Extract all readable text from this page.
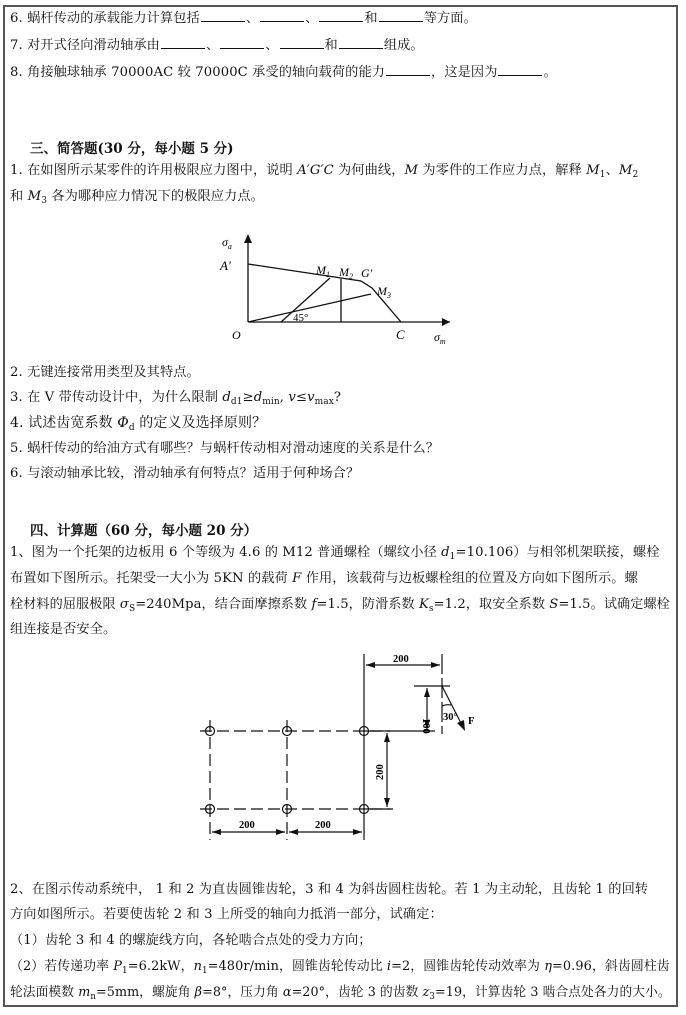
6. 蜗杆传动的承载能力计算包括	、	、	和	等方面。
7. 对开式径向滑动轴承由	、	、	和	组成。
8. 角接触球轴承 70000AC 较 70000C 承受的轴向载荷的能力	，这是因为	。
三、简答题(30 分，每小题 5 分)
1. 在如图所示某零件的许用极限应力图中，说明 A′G′C 为何曲线，M 为零件的工作应力点，解释 $M_1$、$M_2$
和 $M_3$ 各为哪种应力情况下的极限应力点。
$\sigma_a$
A′
O	C $\sigma_m$
$M_1$ $M_2$ G′
$M_3$
45°
2. 无键连接常用类型及其特点。
3. 在 V 带传动设计中，为什么限制 $d_{d1}\ge d_{min}$, $v\le v_{max}$?
4. 试述齿宽系数 $\Phi_d$ 的定义及选择原则？
5. 蜗杆传动的给油方式有哪些？与蜗杆传动相对滑动速度的关系是什么？
6. 与滚动轴承比较，滑动轴承有何特点？适用于何种场合？
四、计算题（60 分，每小题 20 分）
1、图为一个托架的边板用 6 个等级为 4.6 的 M12 普通螺栓（螺纹小径 $d_1=10.106$）与相邻机架联接，螺栓
布置如下图所示。托架受一大小为 5KN 的载荷 F 作用，该载荷与边板螺栓组的位置及方向如下图所示。螺
栓材料的屈服极限 $\sigma_S=240Mpa$，结合面摩擦系数 f=1.5，防滑系数 $K_s=1.2$，取安全系数 S=1.5。试确定螺栓
组连接是否安全。
200
100
200
200	200
30° F
2、在图示传动系统中， 1 和 2 为直齿圆锥齿轮，3 和 4 为斜齿圆柱齿轮。若 1 为主动轮，且齿轮 1 的回转
方向如图所示。若要使齿轮 2 和 3 上所受的轴向力抵消一部分，试确定：
（1）齿轮 3 和 4 的螺旋线方向，各轮啮合点处的受力方向；
（2）若传递功率 $P_1=6.2kW$，$n_1=480r/\min$，圆锥齿轮传动比 i=2，圆锥齿轮传动效率为 η=0.96，斜齿圆柱齿
轮法面模数 $m_n=5mm$，螺旋角 β=8°，压力角 α=20°，齿轮 3 的齿数 $z_3=19$，计算齿轮 3 啮合点处各力的大小。
